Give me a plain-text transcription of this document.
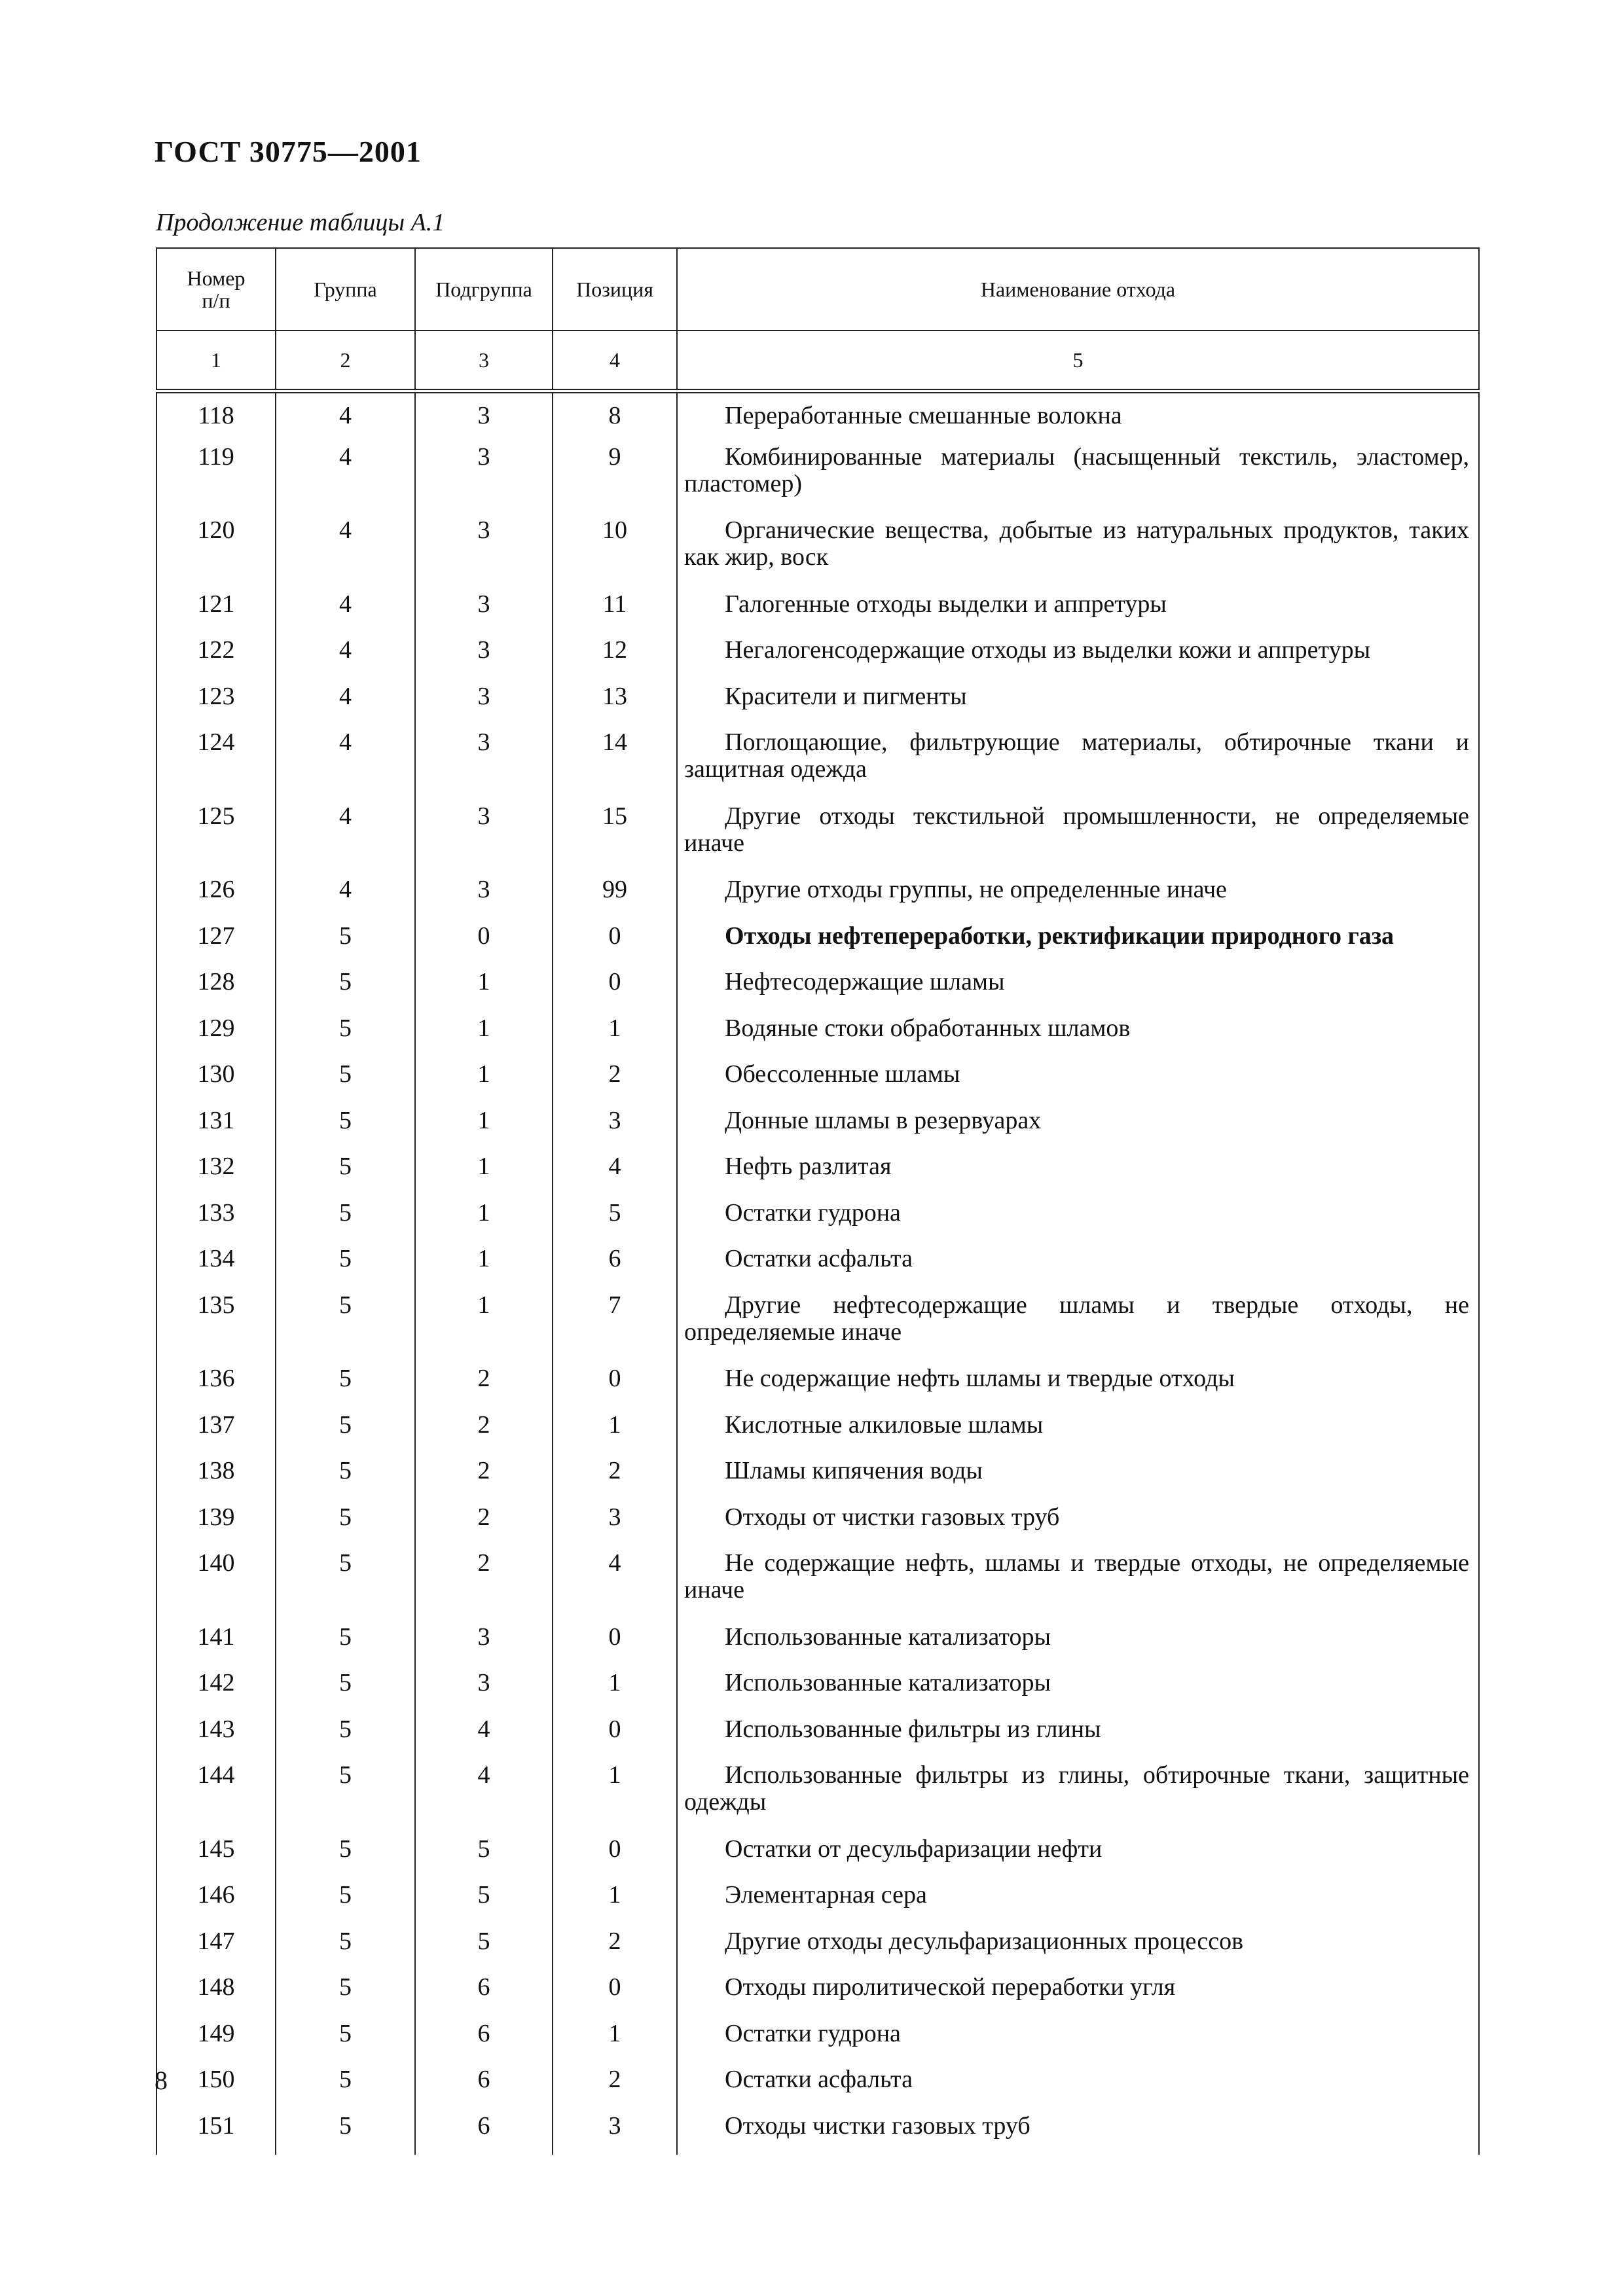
ГОСТ 30775—2001
Продолжение таблицы А.1
Номер
п/п	Группа	Подгруппа	Позиция	Наименование отхода
1	2	3	4	5
118	4	3	8	Переработанные смешанные волокна

119	4	3	9	Комбинированные материалы (насыщенный текстиль, эластомер, пластомер)

120	4	3	10	Органические вещества, добытые из натуральных продуктов, таких как жир, воск

121	4	3	11	Галогенные отходы выделки и аппретуры

122	4	3	12	Негалогенсодержащие отходы из выделки кожи и аппретуры

123	4	3	13	Красители и пигменты

124	4	3	14	Поглощающие, фильтрующие материалы, обтирочные ткани и защитная одежда

125	4	3	15	Другие отходы текстильной промышленности, не определяемые иначе

126	4	3	99	Другие отходы группы, не определенные иначе

127	5	0	0	Отходы нефтепереработки, ректификации природного газа

128	5	1	0	Нефтесодержащие шламы

129	5	1	1	Водяные стоки обработанных шламов

130	5	1	2	Обессоленные шламы

131	5	1	3	Донные шламы в резервуарах

132	5	1	4	Нефть разлитая

133	5	1	5	Остатки гудрона

134	5	1	6	Остатки асфальта

135	5	1	7	Другие нефтесодержащие шламы и твердые отходы, не определяемые иначе

136	5	2	0	Не содержащие нефть шламы и твердые отходы

137	5	2	1	Кислотные алкиловые шламы

138	5	2	2	Шламы кипячения воды

139	5	2	3	Отходы от чистки газовых труб

140	5	2	4	Не содержащие нефть, шламы и твердые отходы, не определяемые иначе

141	5	3	0	Использованные катализаторы

142	5	3	1	Использованные катализаторы

143	5	4	0	Использованные фильтры из глины

144	5	4	1	Использованные фильтры из глины, обтирочные ткани, защитные одежды

145	5	5	0	Остатки от десульфаризации нефти

146	5	5	1	Элементарная сера

147	5	5	2	Другие отходы десульфаризационных процессов

148	5	6	0	Отходы пиролитической переработки угля

149	5	6	1	Остатки гудрона

150	5	6	2	Остатки асфальта

151	5	6	3	Отходы чистки газовых труб
8
